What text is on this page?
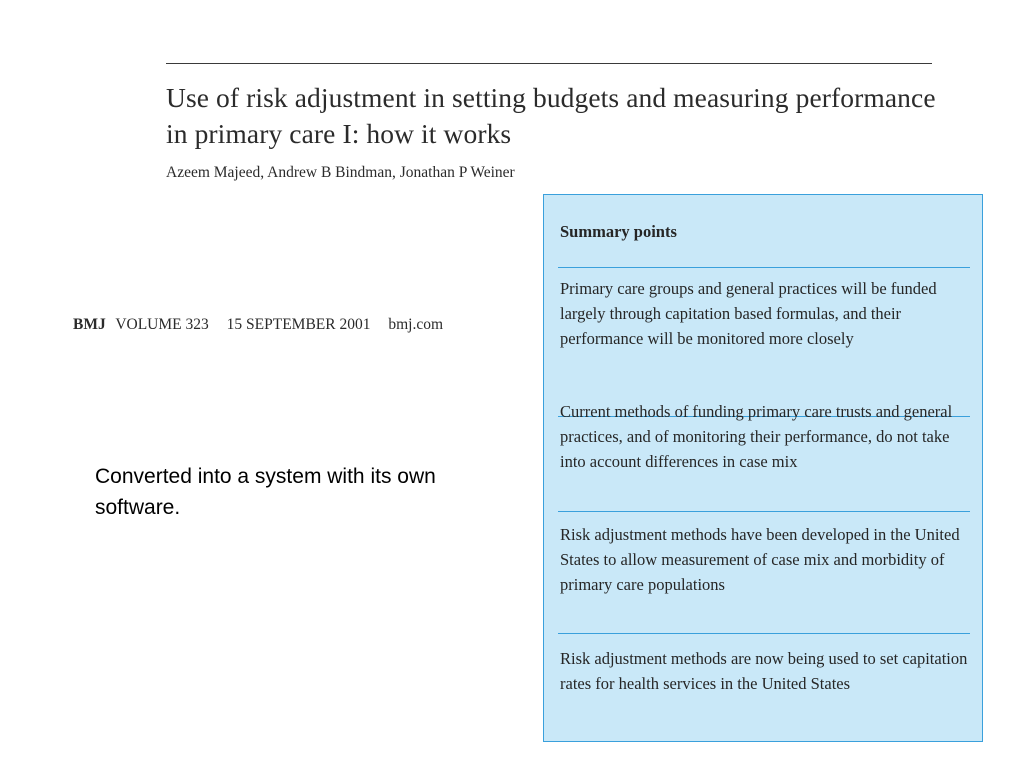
Use of risk adjustment in setting budgets and measuring performance in primary care I: how it works
Azeem Majeed, Andrew B Bindman, Jonathan P Weiner
BMJ VOLUME 323 15 SEPTEMBER 2001 bmj.com

Converted into a system with its own software.

Summary points

Primary care groups and general practices will be funded largely through capitation based formulas, and their performance will be monitored more closely

Current methods of funding primary care trusts and general practices, and of monitoring their performance, do not take into account differences in case mix

Risk adjustment methods have been developed in the United States to allow measurement of case mix and morbidity of primary care populations

Risk adjustment methods are now being used to set capitation rates for health services in the United States
